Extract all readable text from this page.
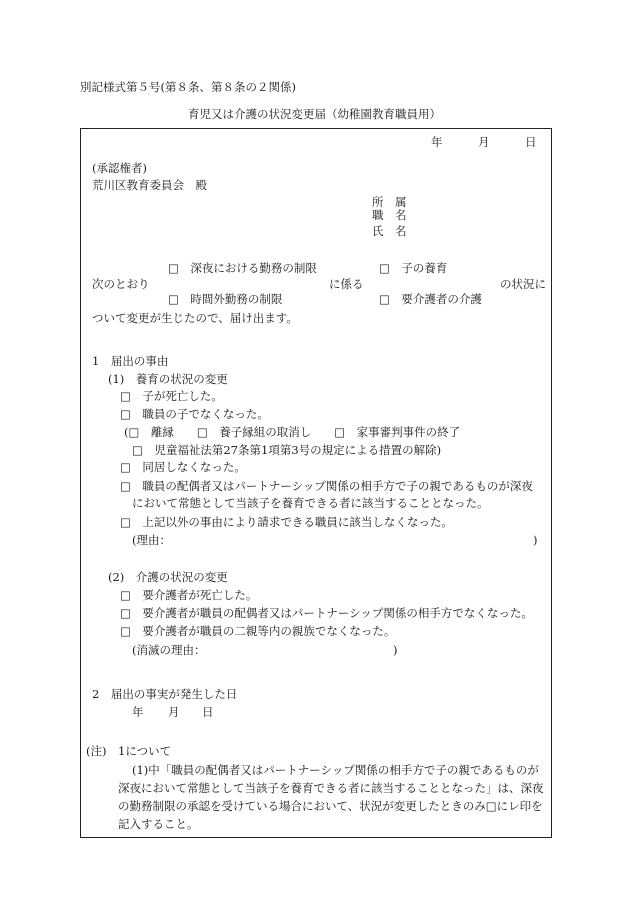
別記様式第５号(第８条、第８条の２関係)
育児又は介護の状況変更届（幼稚園教育職員用）
年	月	日
(承認権者)
荒川区教育委員会　殿
所　属
職　名
氏　名
□　深夜における勤務の制限	□　子の養育
次のとおり	に係る	の状況に
□　時間外勤務の制限	□　要介護者の介護
ついて変更が生じたので、届け出ます。
1　届出の事由
(1)　養育の状況の変更
□　子が死亡した。
□　職員の子でなくなった。
(□　離縁　　□　養子縁組の取消し　　□　家事審判事件の終了
□　児童福祉法第27条第1項第3号の規定による措置の解除)
□　同居しなくなった。
□　職員の配偶者又はパートナーシップ関係の相手方で子の親であるものが深夜
において常態として当該子を養育できる者に該当することとなった。
□　上記以外の事由により請求できる職員に該当しなくなった。
(理由：	)
(2)　介護の状況の変更
□　要介護者が死亡した。
□　要介護者が職員の配偶者又はパートナーシップ関係の相手方でなくなった。
□　要介護者が職員の二親等内の親族でなくなった。
(消滅の理由：	)
2　届出の事実が発生した日
年 月 日
(注) 1について
(1)中「職員の配偶者又はパートナーシップ関係の相手方で子の親であるものが
深夜において常態として当該子を養育できる者に該当することとなった」は、深夜
の勤務制限の承認を受けている場合において、状況が変更したときのみ□にレ印を
記入すること。
